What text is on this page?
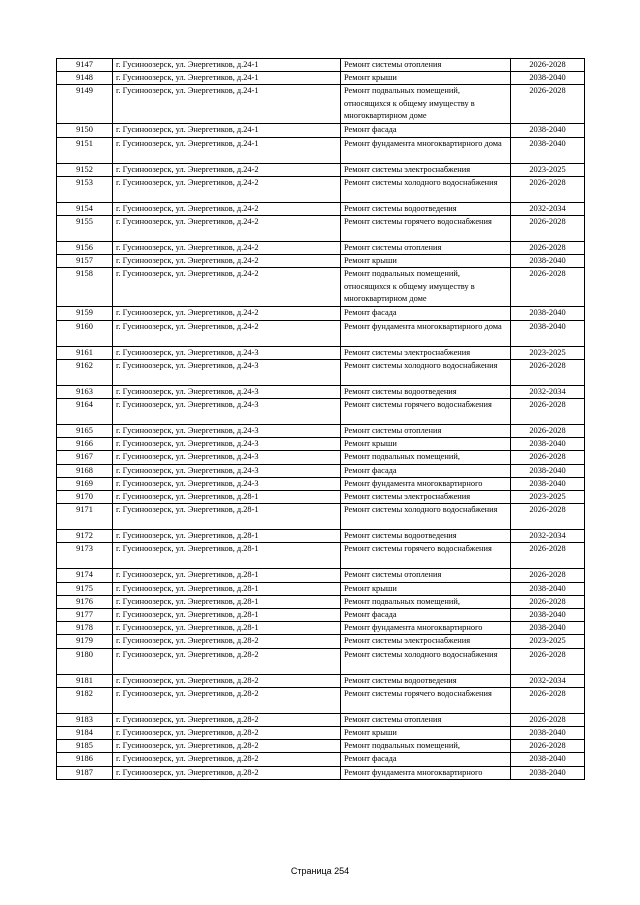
9147	г. Гусиноозерск, ул. Энергетиков, д.24-1	Ремонт системы отопления	2026-2028
9148	г. Гусиноозерск, ул. Энергетиков, д.24-1	Ремонт крыши	2038-2040
9149	г. Гусиноозерск, ул. Энергетиков, д.24-1	Ремонт подвальных помещений, относящихся к общему имуществу в многоквартирном доме	2026-2028
9150	г. Гусиноозерск, ул. Энергетиков, д.24-1	Ремонт фасада	2038-2040
9151	г. Гусиноозерск, ул. Энергетиков, д.24-1	Ремонт фундамента многоквартирного дома	2038-2040
9152	г. Гусиноозерск, ул. Энергетиков, д.24-2	Ремонт системы электроснабжения	2023-2025
9153	г. Гусиноозерск, ул. Энергетиков, д.24-2	Ремонт системы холодного водоснабжения	2026-2028
9154	г. Гусиноозерск, ул. Энергетиков, д.24-2	Ремонт системы водоотведения	2032-2034
9155	г. Гусиноозерск, ул. Энергетиков, д.24-2	Ремонт системы горячего водоснабжения	2026-2028
9156	г. Гусиноозерск, ул. Энергетиков, д.24-2	Ремонт системы отопления	2026-2028
9157	г. Гусиноозерск, ул. Энергетиков, д.24-2	Ремонт крыши	2038-2040
9158	г. Гусиноозерск, ул. Энергетиков, д.24-2	Ремонт подвальных помещений, относящихся к общему имуществу в многоквартирном доме	2026-2028
9159	г. Гусиноозерск, ул. Энергетиков, д.24-2	Ремонт фасада	2038-2040
9160	г. Гусиноозерск, ул. Энергетиков, д.24-2	Ремонт фундамента многоквартирного дома	2038-2040
9161	г. Гусиноозерск, ул. Энергетиков, д.24-3	Ремонт системы электроснабжения	2023-2025
9162	г. Гусиноозерск, ул. Энергетиков, д.24-3	Ремонт системы холодного водоснабжения	2026-2028
9163	г. Гусиноозерск, ул. Энергетиков, д.24-3	Ремонт системы водоотведения	2032-2034
9164	г. Гусиноозерск, ул. Энергетиков, д.24-3	Ремонт системы горячего водоснабжения	2026-2028
9165	г. Гусиноозерск, ул. Энергетиков, д.24-3	Ремонт системы отопления	2026-2028
9166	г. Гусиноозерск, ул. Энергетиков, д.24-3	Ремонт крыши	2038-2040
9167	г. Гусиноозерск, ул. Энергетиков, д.24-3	Ремонт подвальных помещений,	2026-2028
9168	г. Гусиноозерск, ул. Энергетиков, д.24-3	Ремонт фасада	2038-2040
9169	г. Гусиноозерск, ул. Энергетиков, д.24-3	Ремонт фундамента многоквартирного	2038-2040
9170	г. Гусиноозерск, ул. Энергетиков, д.28-1	Ремонт системы электроснабжения	2023-2025
9171	г. Гусиноозерск, ул. Энергетиков, д.28-1	Ремонт системы холодного водоснабжения	2026-2028
9172	г. Гусиноозерск, ул. Энергетиков, д.28-1	Ремонт системы водоотведения	2032-2034
9173	г. Гусиноозерск, ул. Энергетиков, д.28-1	Ремонт системы горячего водоснабжения	2026-2028
9174	г. Гусиноозерск, ул. Энергетиков, д.28-1	Ремонт системы отопления	2026-2028
9175	г. Гусиноозерск, ул. Энергетиков, д.28-1	Ремонт крыши	2038-2040
9176	г. Гусиноозерск, ул. Энергетиков, д.28-1	Ремонт подвальных помещений,	2026-2028
9177	г. Гусиноозерск, ул. Энергетиков, д.28-1	Ремонт фасада	2038-2040
9178	г. Гусиноозерск, ул. Энергетиков, д.28-1	Ремонт фундамента многоквартирного	2038-2040
9179	г. Гусиноозерск, ул. Энергетиков, д.28-2	Ремонт системы электроснабжения	2023-2025
9180	г. Гусиноозерск, ул. Энергетиков, д.28-2	Ремонт системы холодного водоснабжения	2026-2028
9181	г. Гусиноозерск, ул. Энергетиков, д.28-2	Ремонт системы водоотведения	2032-2034
9182	г. Гусиноозерск, ул. Энергетиков, д.28-2	Ремонт системы горячего водоснабжения	2026-2028
9183	г. Гусиноозерск, ул. Энергетиков, д.28-2	Ремонт системы отопления	2026-2028
9184	г. Гусиноозерск, ул. Энергетиков, д.28-2	Ремонт крыши	2038-2040
9185	г. Гусиноозерск, ул. Энергетиков, д.28-2	Ремонт подвальных помещений,	2026-2028
9186	г. Гусиноозерск, ул. Энергетиков, д.28-2	Ремонт фасада	2038-2040
9187	г. Гусиноозерск, ул. Энергетиков, д.28-2	Ремонт фундамента многоквартирного	2038-2040
Страница 254
